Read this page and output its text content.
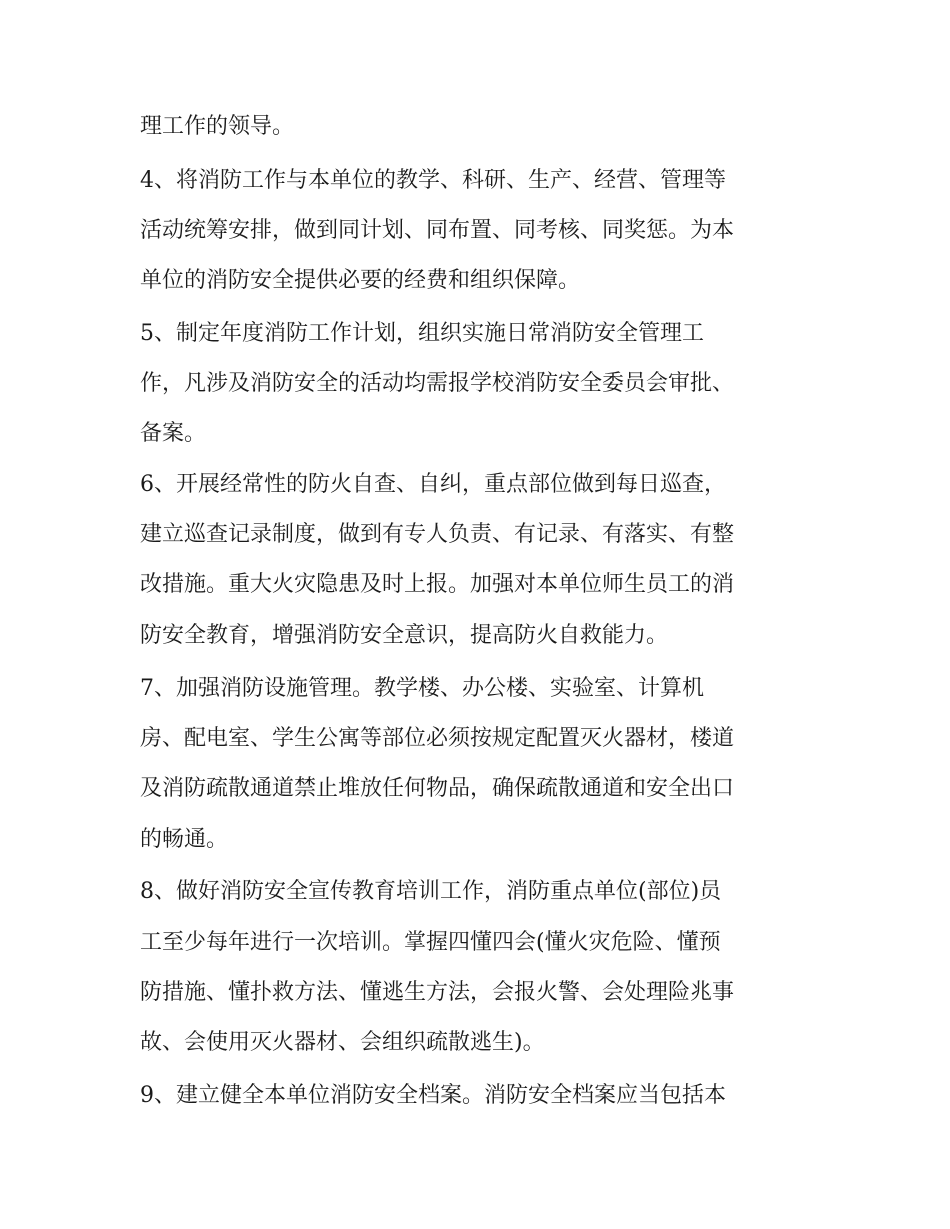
理工作的领导。
4、将消防工作与本单位的教学、科研、生产、经营、管理等
活动统筹安排，做到同计划、同布置、同考核、同奖惩。为本
单位的消防安全提供必要的经费和组织保障。
5、制定年度消防工作计划，组织实施日常消防安全管理工
作，凡涉及消防安全的活动均需报学校消防安全委员会审批、
备案。
6、开展经常性的防火自查、自纠，重点部位做到每日巡查，
建立巡查记录制度，做到有专人负责、有记录、有落实、有整
改措施。重大火灾隐患及时上报。加强对本单位师生员工的消
防安全教育，增强消防安全意识，提高防火自救能力。
7、加强消防设施管理。教学楼、办公楼、实验室、计算机
房、配电室、学生公寓等部位必须按规定配置灭火器材，楼道
及消防疏散通道禁止堆放任何物品，确保疏散通道和安全出口
的畅通。
8、做好消防安全宣传教育培训工作，消防重点单位(部位)员
工至少每年进行一次培训。掌握四懂四会(懂火灾危险、懂预
防措施、懂扑救方法、懂逃生方法，会报火警、会处理险兆事
故、会使用灭火器材、会组织疏散逃生)。
9、建立健全本单位消防安全档案。消防安全档案应当包括本
